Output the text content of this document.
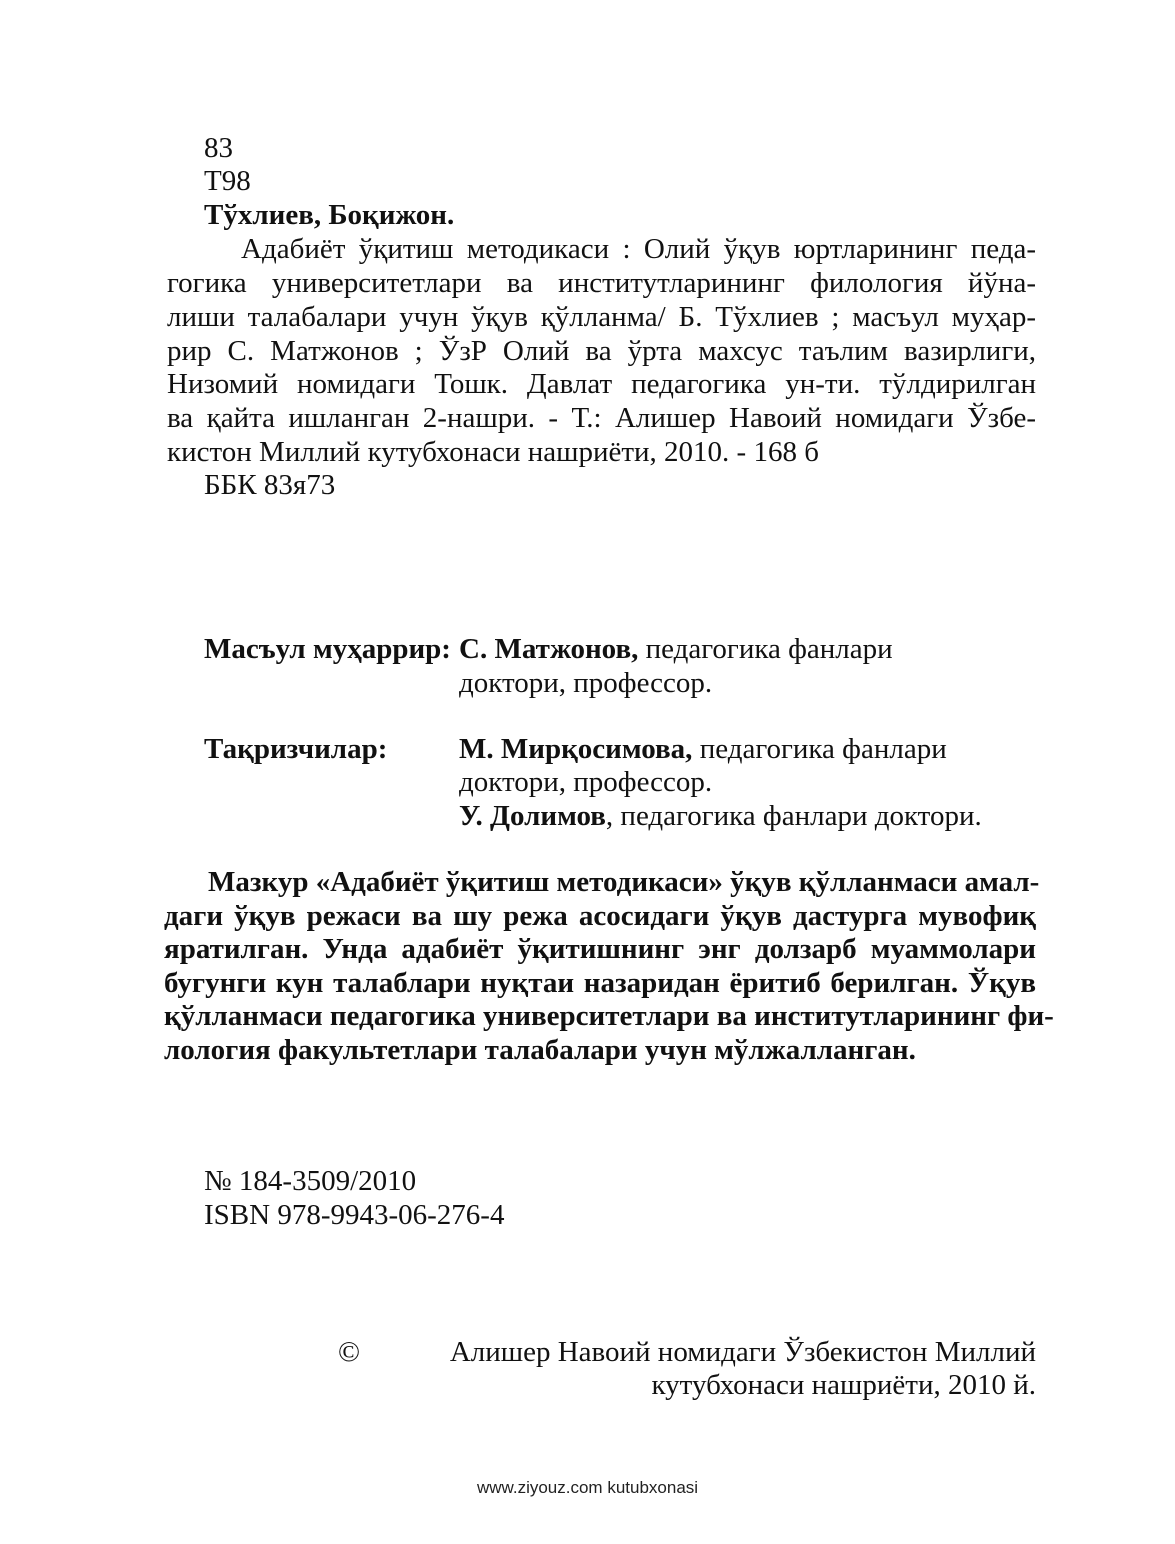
83
Т98
Тўхлиев, Боқижон.
Адабиёт ўқитиш методикаси : Олий ўқув юртларининг педа-
гогика университетлари ва институтларининг филология йўна-
лиши талабалари учун ўқув қўлланма/ Б. Тўхлиев ; масъул муҳар-
рир С. Матжонов ; ЎзР Олий ва ўрта махсус таълим вазирлиги,
Низомий номидаги Тошк. Давлат педагогика ун-ти. тўлдирилган
ва қайта ишланган 2-нашри. - Т.: Алишер Навоий номидаги Ўзбе-
кистон Миллий кутубхонаси нашриёти, 2010. - 168 б
ББК 83я73
Масъул муҳаррир: С. Матжонов, педагогика фанлари
доктори, профессор.
Тақризчилар: М. Мирқосимова, педагогика фанлари
доктори, профессор.
У. Долимов, педагогика фанлари доктори.
Мазкур «Адабиёт ўқитиш методикаси» ўқув қўлланмаси амал-
даги ўқув режаси ва шу режа асосидаги ўқув дастурга мувофиқ
яратилган. Унда адабиёт ўқитишнинг энг долзарб муаммолари
бугунги кун талаблари нуқтаи назаридан ёритиб берилган. Ўқув
қўлланмаси педагогика университетлари ва институтларининг фи-
лология факультетлари талабалари учун мўлжалланган.
№ 184-3509/2010
ISBN 978-9943-06-276-4
©	Алишер Навоий номидаги Ўзбекистон Миллий
кутубхонаси нашриёти, 2010 й.
www.ziyouz.com kutubxonasi
